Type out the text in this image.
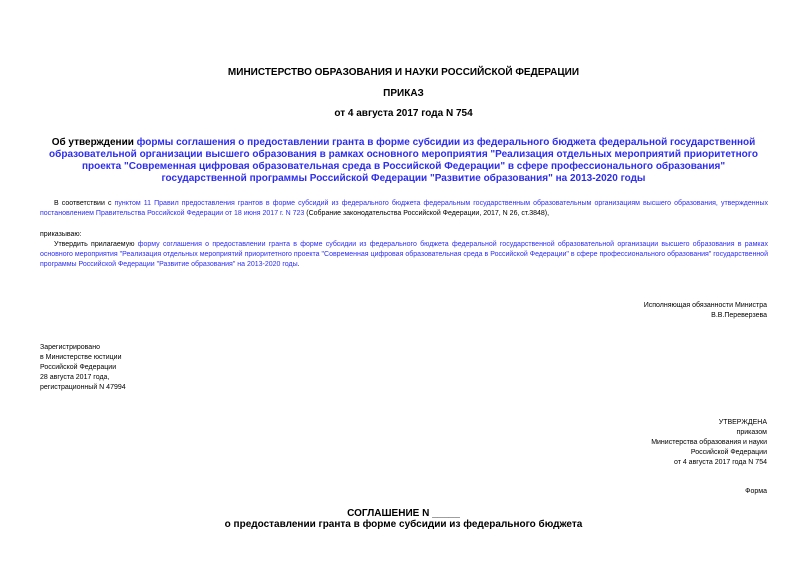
МИНИСТЕРСТВО ОБРАЗОВАНИЯ И НАУКИ РОССИЙСКОЙ ФЕДЕРАЦИИ
ПРИКАЗ
от 4 августа 2017 года N 754
Об утверждении формы соглашения о предоставлении гранта в форме субсидии из федерального бюджета федеральной государственной образовательной организации высшего образования в рамках основного мероприятия "Реализация отдельных мероприятий приоритетного проекта "Современная цифровая образовательная среда в Российской Федерации" в сфере профессионального образования" государственной программы Российской Федерации "Развитие образования" на 2013-2020 годы
В соответствии с пунктом 11 Правил предоставления грантов в форме субсидий из федерального бюджета федеральным государственным образовательным организациям высшего образования, утвержденных постановлением Правительства Российской Федерации от 18 июня 2017 г. N 723 (Собрание законодательства Российской Федерации, 2017, N 26, ст.3848),
приказываю:
Утвердить прилагаемую форму соглашения о предоставлении гранта в форме субсидии из федерального бюджета федеральной государственной образовательной организации высшего образования в рамках основного мероприятия "Реализация отдельных мероприятий приоритетного проекта "Современная цифровая образовательная среда в Российской Федерации" в сфере профессионального образования" государственной программы Российской Федерации "Развитие образования" на 2013-2020 годы.
Исполняющая обязанности Министра
В.В.Переверзева
Зарегистрировано
в Министерстве юстиции
Российской Федерации
28 августа 2017 года,
регистрационный N 47994
УТВЕРЖДЕНА
приказом
Министерства образования и науки
Российской Федерации
от 4 августа 2017 года N 754
Форма
СОГЛАШЕНИЕ N _____
о предоставлении гранта в форме субсидии из федерального бюджета
